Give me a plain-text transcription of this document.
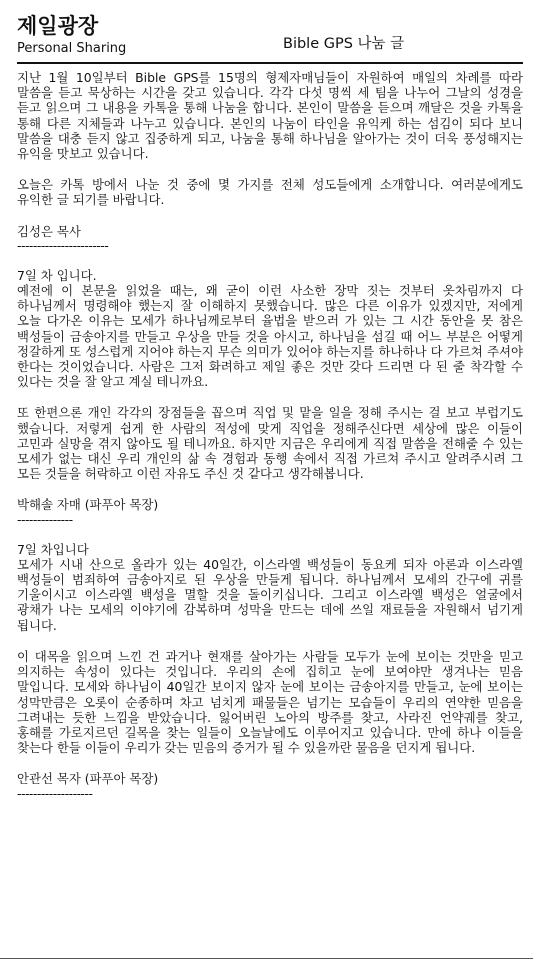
제일광장
Personal Sharing	Bible GPS 나눔 글

지난 1월 10일부터 Bible GPS를 15명의 형제자매님들이 자원하여 매일의 차례를 따라 말씀을 듣고 묵상하는 시간을 갖고 있습니다. 각각 다섯 명씩 세 팀을 나누어 그날의 성경을 듣고 읽으며 그 내용을 카톡을 통해 나눔을 합니다. 본인이 말씀을 듣으며 깨달은 것을 카톡을 통해 다른 지체들과 나누고 있습니다. 본인의 나눔이 타인을 유익케 하는 섬김이 되다 보니 말씀을 대충 듣지 않고 집중하게 되고, 나눔을 통해 하나님을 알아가는 것이 더욱 풍성해지는 유익을 맛보고 있습니다.

오늘은 카톡 방에서 나눈 것 중에 몇 가지를 전체 성도들에게 소개합니다. 여러분에게도 유익한 글 되기를 바랍니다.

김성은 목사

-----------------------

7일 차 입니다.

예전에 이 본문을 읽었을 때는, 왜 굳이 이런 사소한 장막 짓는 것부터 옷차림까지 다 하나님께서 명령해야 했는지 잘 이해하지 못했습니다. 많은 다른 이유가 있겠지만, 저에게 오늘 다가온 이유는 모세가 하나님께로부터 율법을 받으러 가 있는 그 시간 동안을 못 참은 백성들이 금송아지를 만들고 우상을 만들 것을 아시고, 하나님을 섬길 때 어느 부분은 어떻게 정갈하게 또 성스럽게 지어야 하는지 무슨 의미가 있어야 하는지를 하나하나 다 가르쳐 주셔야 한다는 것이었습니다. 사람은 그저 화려하고 제일 좋은 것만 갖다 드리면 다 된 줄 착각할 수 있다는 것을 잘 알고 계실 테니까요.

또 한편으론 개인 각각의 장점들을 꼽으며 직업 및 맡을 일을 정해 주시는 걸 보고 부럽기도 했습니다. 저렇게 쉽게 한 사람의 적성에 맞게 직업을 정해주신다면 세상에 많은 이들이 고민과 실망을 겪지 않아도 될 테니까요. 하지만 지금은 우리에게 직접 말씀을 전해줄 수 있는 모세가 없는 대신 우리 개인의 삶 속 경험과 동행 속에서 직접 가르쳐 주시고 알려주시려 그 모든 것들을 허락하고 이런 자유도 주신 것 같다고 생각해봅니다.

박해솔 자매 (파푸아 목장)

--------------

7일 차입니다

모세가 시내 산으로 올라가 있는 40일간, 이스라엘 백성들이 동요케 되자 아론과 이스라엘 백성들이 범죄하여 금송아지로 된 우상을 만들게 됩니다. 하나님께서 모세의 간구에 귀를 기울이시고 이스라엘 백성을 멸할 것을 돌이키십니다. 그리고 이스라엘 백성은 얼굴에서 광채가 나는 모세의 이야기에 감복하며 성막을 만드는 데에 쓰일 재료들을 자원해서 넘기게 됩니다.

이 대목을 읽으며 느낀 건 과거나 현재를 살아가는 사람들 모두가 눈에 보이는 것만을 믿고 의지하는 속성이 있다는 것입니다. 우리의 손에 집히고 눈에 보여야만 생겨나는 믿음 말입니다. 모세와 하나님이 40일간 보이지 않자 눈에 보이는 금송아지를 만들고, 눈에 보이는 성막만큼은 오롯이 순종하며 차고 넘치게 패물들은 넘기는 모습들이 우리의 연약한 믿음을 그려내는 듯한 느낌을 받았습니다. 잃어버린 노아의 방주를 찾고, 사라진 언약궤를 찾고, 홍해를 가로지르던 길목을 찾는 일들이 오늘날에도 이루어지고 있습니다. 만에 하나 이들을 찾는다 한들 이들이 우리가 갖는 믿음의 증거가 될 수 있을까란 물음을 던지게 됩니다.

안관선 목자 (파푸아 목장)

-------------------
